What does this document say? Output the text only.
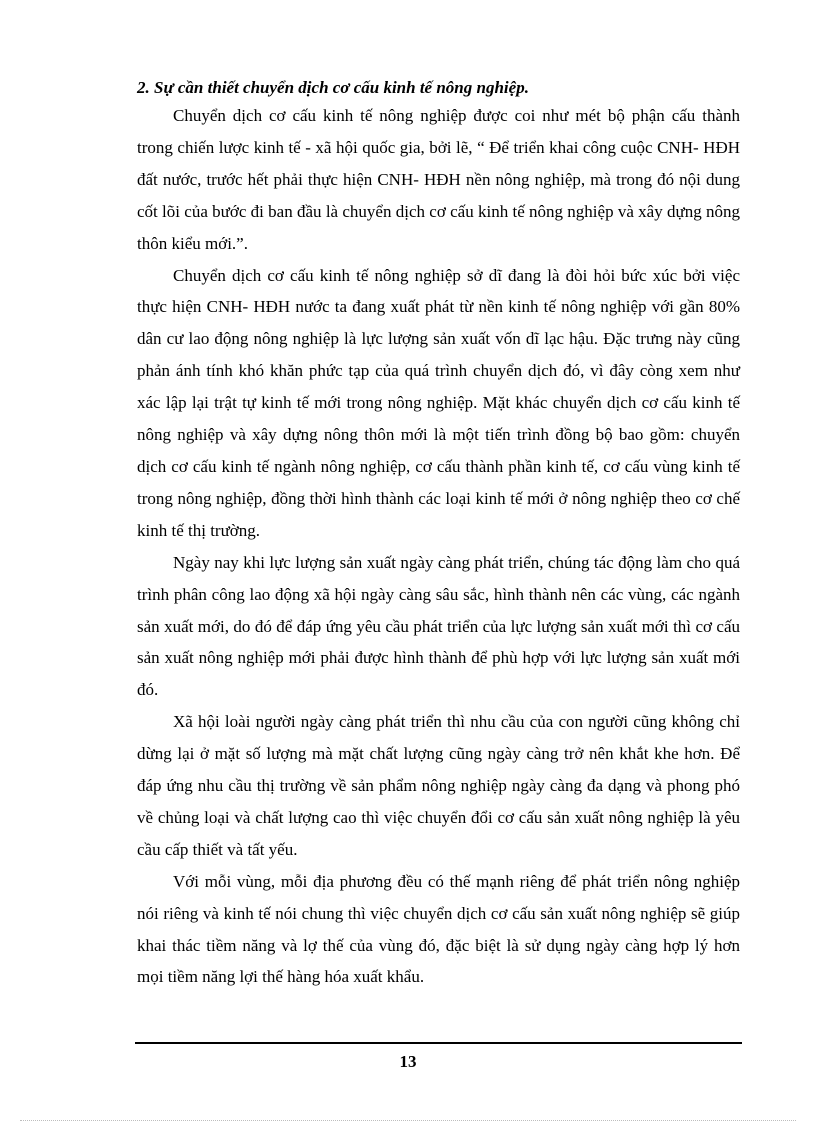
2. Sự cần thiết chuyển dịch cơ cấu kinh tế nông nghiệp.

Chuyển dịch cơ cấu kinh tế nông nghiệp được coi như mét bộ phận cấu thành trong chiến lược kinh tế - xã hội quốc gia, bởi lẽ, “ Để triển khai công cuộc CNH- HĐH đất nước, trước hết phải thực hiện CNH- HĐH nền nông nghiệp, mà trong đó nội dung cốt lõi của bước đi ban đầu là chuyển dịch cơ cấu kinh tế nông nghiệp và xây dựng nông thôn kiểu mới.”.

Chuyển dịch cơ cấu kinh tế nông nghiệp sở dĩ đang là đòi hỏi bức xúc bởi việc thực hiện CNH- HĐH nước ta đang xuất phát từ nền kinh tế nông nghiệp với gần 80% dân cư lao động nông nghiệp là lực lượng sản xuất vốn dĩ lạc hậu. Đặc trưng này cũng phản ánh tính khó khăn phức tạp của quá trình chuyển dịch đó, vì đây còng xem như xác lập lại trật tự kinh tế mới trong nông nghiệp. Mặt khác chuyển dịch cơ cấu kinh tế nông nghiệp và xây dựng nông thôn mới là một tiến trình đồng bộ bao gồm: chuyển dịch cơ cấu kinh tế ngành nông nghiệp, cơ cấu thành phần kinh tế, cơ cấu vùng kinh tế trong nông nghiệp, đồng thời hình thành các loại kinh tế mới ở nông nghiệp theo cơ chế kinh tế thị trường.

Ngày nay khi lực lượng sản xuất ngày càng phát triển, chúng tác động làm cho quá trình phân công lao động xã hội ngày càng sâu sắc, hình thành nên các vùng, các ngành sản xuất mới, do đó để đáp ứng yêu cầu phát triển của lực lượng sản xuất mới thì cơ cấu sản xuất nông nghiệp mới phải được hình thành để phù hợp với lực lượng sản xuất mới đó.

Xã hội loài người ngày càng phát triển thì nhu cầu của con người cũng không chỉ dừng lại ở mặt số lượng mà mặt chất lượng cũng ngày càng trở nên khắt khe hơn. Để đáp ứng nhu cầu thị trường về sản phẩm nông nghiệp ngày càng đa dạng và phong phó về chủng loại và chất lượng cao thì việc chuyển đổi cơ cấu sản xuất nông nghiệp là yêu cầu cấp thiết và tất yếu.

Với mỗi vùng, mỗi địa phương đều có thế mạnh riêng để phát triển nông nghiệp nói riêng và kinh tế nói chung thì việc chuyển dịch cơ cấu sản xuất nông nghiệp sẽ giúp khai thác tiềm năng và lợ thế của vùng đó, đặc biệt là sử dụng ngày càng hợp lý hơn mọi tiềm năng lợi thế hàng hóa xuất khẩu.

13
